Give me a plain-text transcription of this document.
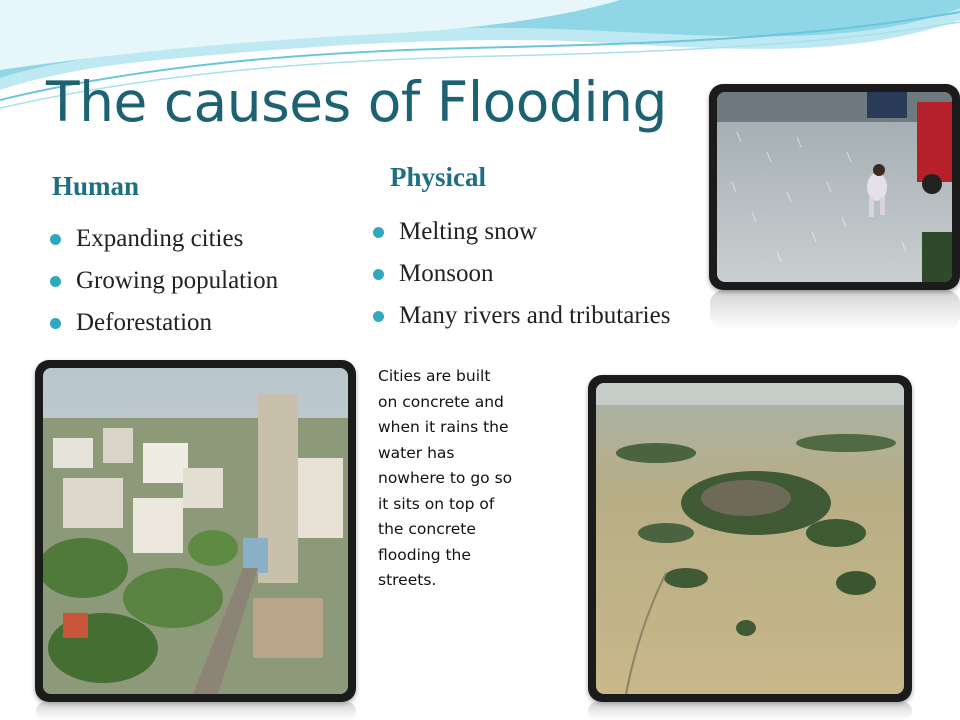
The causes of Flooding
Human	Physical
Expanding cities
Growing population
Deforestation
Melting snow
Monsoon
Many rivers and tributaries
Cities are built
on concrete and
when it rains the
water has
nowhere to go so
it sits on top of
the concrete
flooding the
streets.
